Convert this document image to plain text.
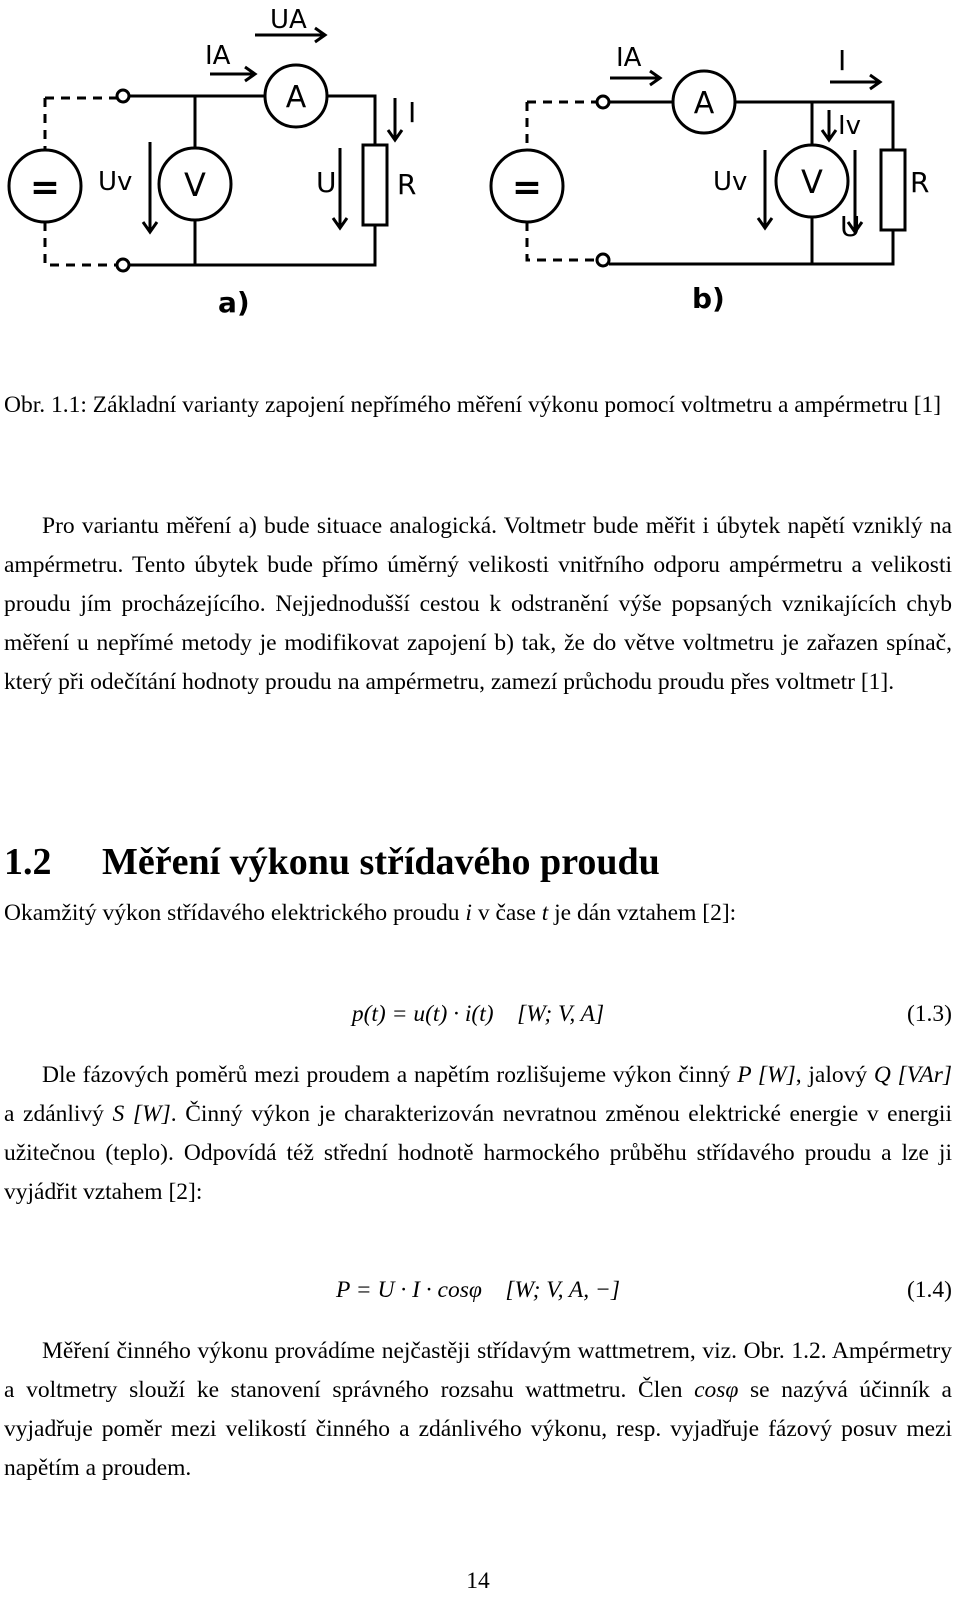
=	V
A
R
UA
IA
Uv	U
I
a)
=	V
A
R
IA	I
Iv
Uv
U
b)
Obr. 1.1: Základní varianty zapojení nepřímého měření výkonu pomocí voltmetru a ampérmetru [1]
Pro variantu měření a) bude situace analogická. Voltmetr bude měřit i úbytek napětí vzniklý na ampérmetru. Tento úbytek bude přímo úměrný velikosti vnitřního odporu ampérmetru a velikosti proudu jím procházejícího. Nejjednodušší cestou k odstranění výše popsaných vznikajících chyb měření u nepřímé metody je modifikovat zapojení b) tak, že do větve voltmetru je zařazen spínač, který při odečítání hodnoty proudu na ampérmetru, zamezí průchodu proudu přes voltmetr [1].
1.2 Měření výkonu střídavého proudu
Okamžitý výkon střídavého elektrického proudu i v čase t je dán vztahem [2]:
p(t) = u(t) · i(t) [W; V, A]	(1.3)
Dle fázových poměrů mezi proudem a napětím rozlišujeme výkon činný P [W], jalový Q [VAr] a zdánlivý S [W]. Činný výkon je charakterizován nevratnou změnou elektrické energie v energii užitečnou (teplo). Odpovídá též střední hodnotě harmockého průběhu střídavého proudu a lze ji vyjádřit vztahem [2]:
P = U · I · cosφ [W; V, A, −]	(1.4)
Měření činného výkonu provádíme nejčastěji střídavým wattmetrem, viz. Obr. 1.2. Ampérmetry a voltmetry slouží ke stanovení správného rozsahu wattmetru. Člen cosφ se nazývá účinník a vyjadřuje poměr mezi velikostí činného a zdánlivého výkonu, resp. vyjadřuje fázový posuv mezi napětím a proudem.
14
